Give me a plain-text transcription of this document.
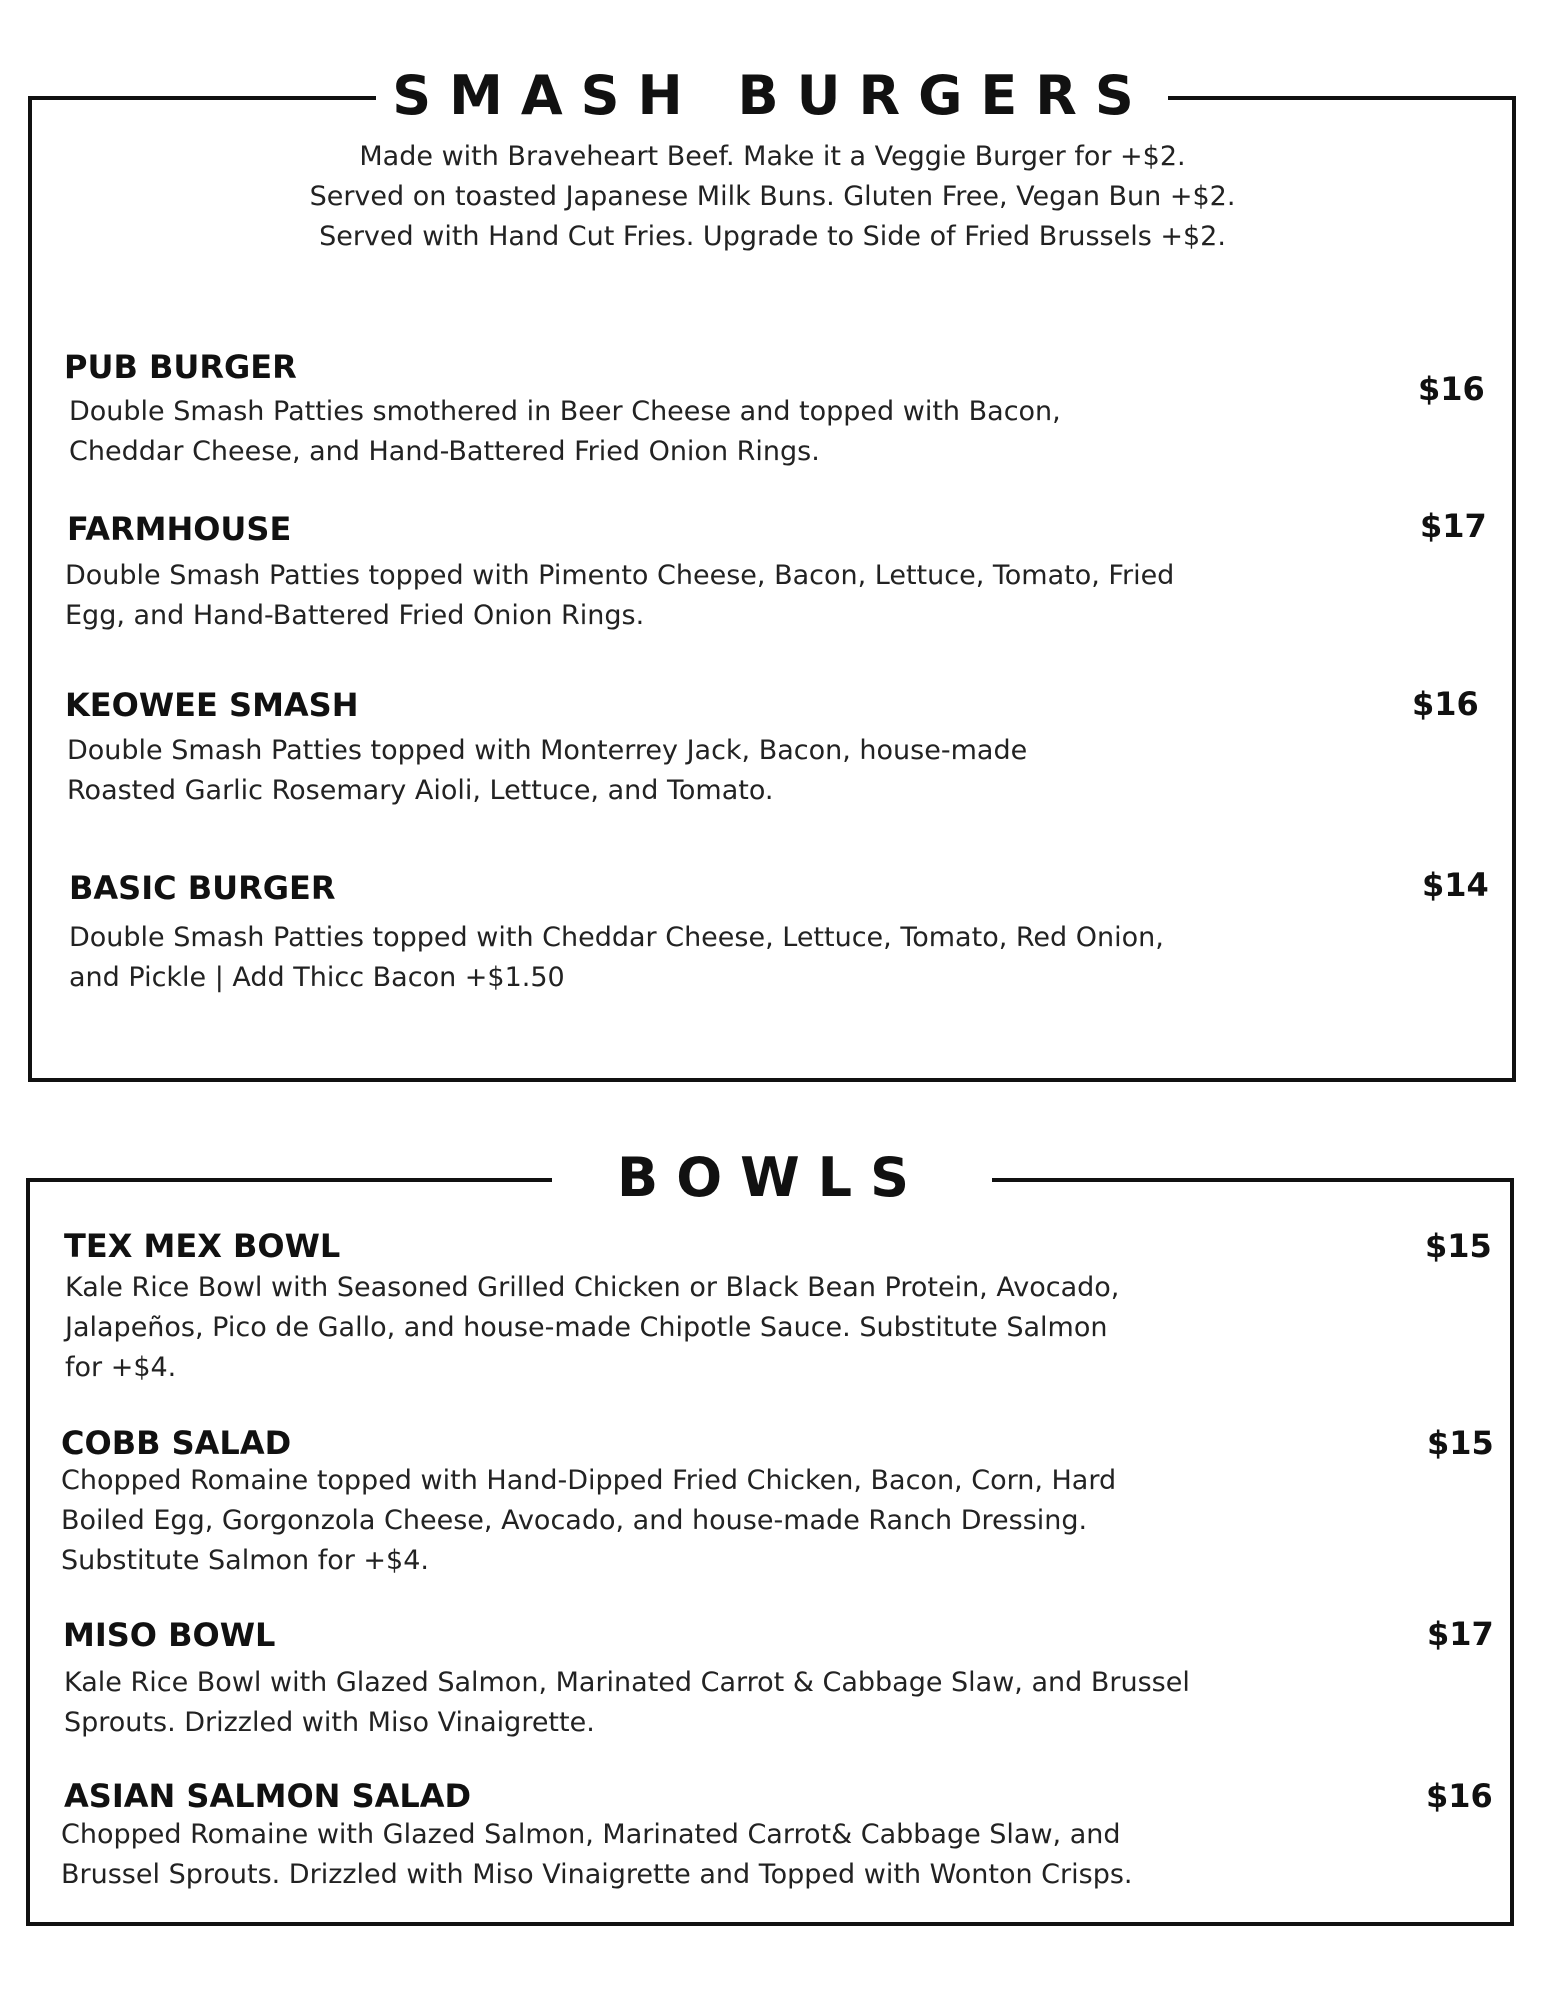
SMASH BURGERS
Made with Braveheart Beef. Make it a Veggie Burger for +$2.
Served on toasted Japanese Milk Buns. Gluten Free, Vegan Bun +$2.
Served with Hand Cut Fries. Upgrade to Side of Fried Brussels +$2.
PUB BURGER
$16
Double Smash Patties smothered in Beer Cheese and topped with Bacon,
Cheddar Cheese, and Hand-Battered Fried Onion Rings.
FARMHOUSE	$17
Double Smash Patties topped with Pimento Cheese, Bacon, Lettuce, Tomato, Fried
Egg, and Hand-Battered Fried Onion Rings.
KEOWEE SMASH	$16
Double Smash Patties topped with Monterrey Jack, Bacon, house-made
Roasted Garlic Rosemary Aioli, Lettuce, and Tomato.
BASIC BURGER	$14
Double Smash Patties topped with Cheddar Cheese, Lettuce, Tomato, Red Onion,
and Pickle | Add Thicc Bacon +$1.50
BOWLS
TEX MEX BOWL	$15
Kale Rice Bowl with Seasoned Grilled Chicken or Black Bean Protein, Avocado,
Jalapeños, Pico de Gallo, and house-made Chipotle Sauce. Substitute Salmon
for +$4.
COBB SALAD	$15
Chopped Romaine topped with Hand-Dipped Fried Chicken, Bacon, Corn, Hard
Boiled Egg, Gorgonzola Cheese, Avocado, and house-made Ranch Dressing.
Substitute Salmon for +$4.
MISO BOWL	$17
Kale Rice Bowl with Glazed Salmon, Marinated Carrot & Cabbage Slaw, and Brussel
Sprouts. Drizzled with Miso Vinaigrette.
ASIAN SALMON SALAD	$16
Chopped Romaine with Glazed Salmon, Marinated Carrot& Cabbage Slaw, and
Brussel Sprouts. Drizzled with Miso Vinaigrette and Topped with Wonton Crisps.
